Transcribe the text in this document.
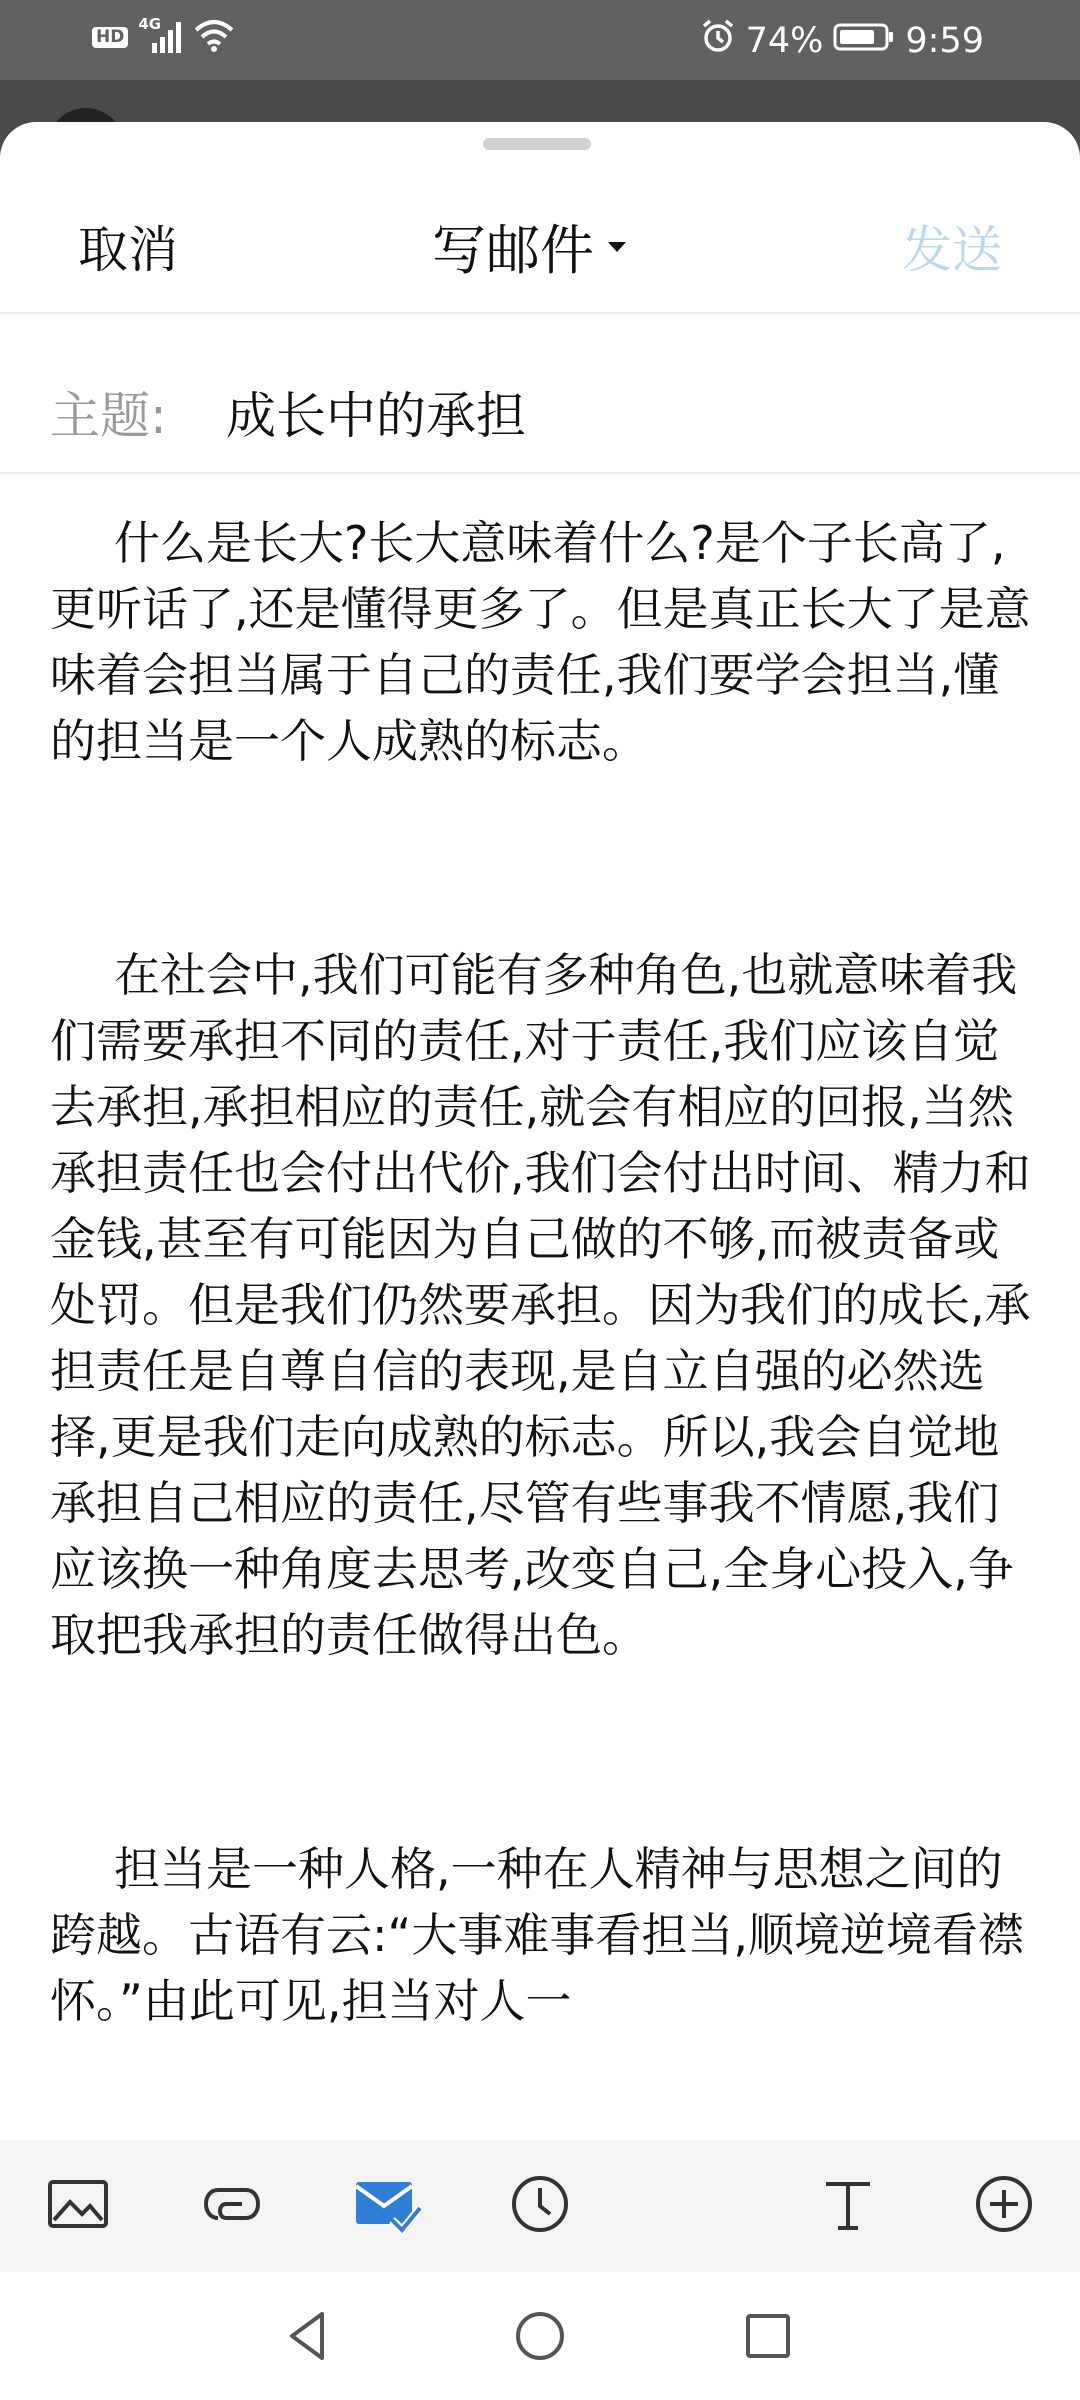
HD
4G	74% 9:59
取消	写邮件	发送
主题: 成长中的承担

什么是长大?长大意味着什么?是个子长高了,更听话了,还是懂得更多了。但是真正长大了是意味着会担当属于自己的责任,我们要学会担当,懂的担当是一个人成熟的标志。

在社会中,我们可能有多种角色,也就意味着我们需要承担不同的责任,对于责任,我们应该自觉去承担,承担相应的责任,就会有相应的回报,当然承担责任也会付出代价,我们会付出时间、精力和金钱,甚至有可能因为自己做的不够,而被责备或处罚。但是我们仍然要承担。因为我们的成长,承担责任是自尊自信的表现,是自立自强的必然选择,更是我们走向成熟的标志。所以,我会自觉地承担自己相应的责任,尽管有些事我不情愿,我们应该换一种角度去思考,改变自己,全身心投入,争取把我承担的责任做得出色。

担当是一种人格,一种在人精神与思想之间的跨越。古语有云:“大事难事看担当,顺境逆境看襟怀。”由此可见,担当对人一
